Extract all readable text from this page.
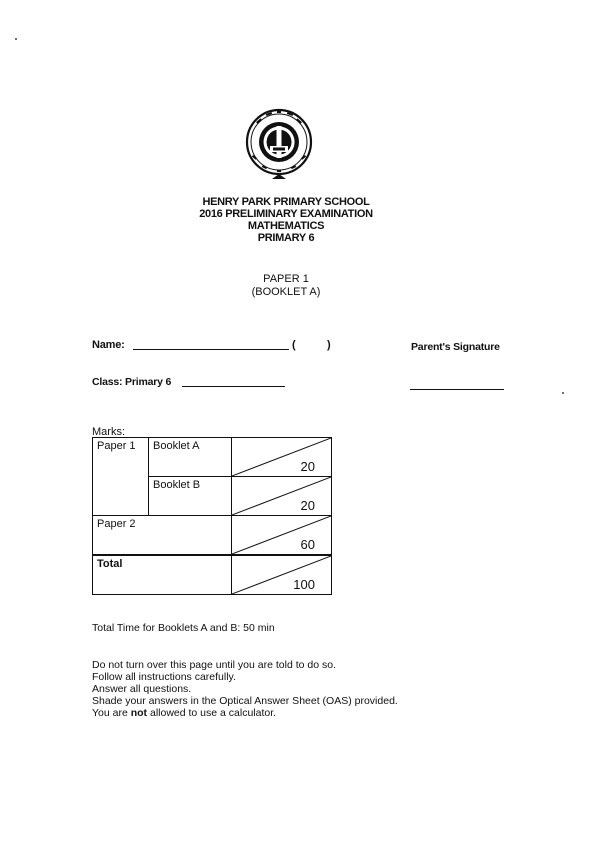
HENRY PARK PRIMARY SCHOOL
2016 PRELIMINARY EXAMINATION
MATHEMATICS
PRIMARY 6
PAPER 1
(BOOKLET A)
Name:	(	)	Parent's Signature
Class: Primary 6
Marks:
Paper 1	Booklet A	20

	Booklet B	20

Paper 2		60

Total		100
Total Time for Booklets A and B: 50 min
Do not turn over this page until you are told to do so.
Follow all instructions carefully.
Answer all questions.
Shade your answers in the Optical Answer Sheet (OAS) provided.
You are not allowed to use a calculator.
